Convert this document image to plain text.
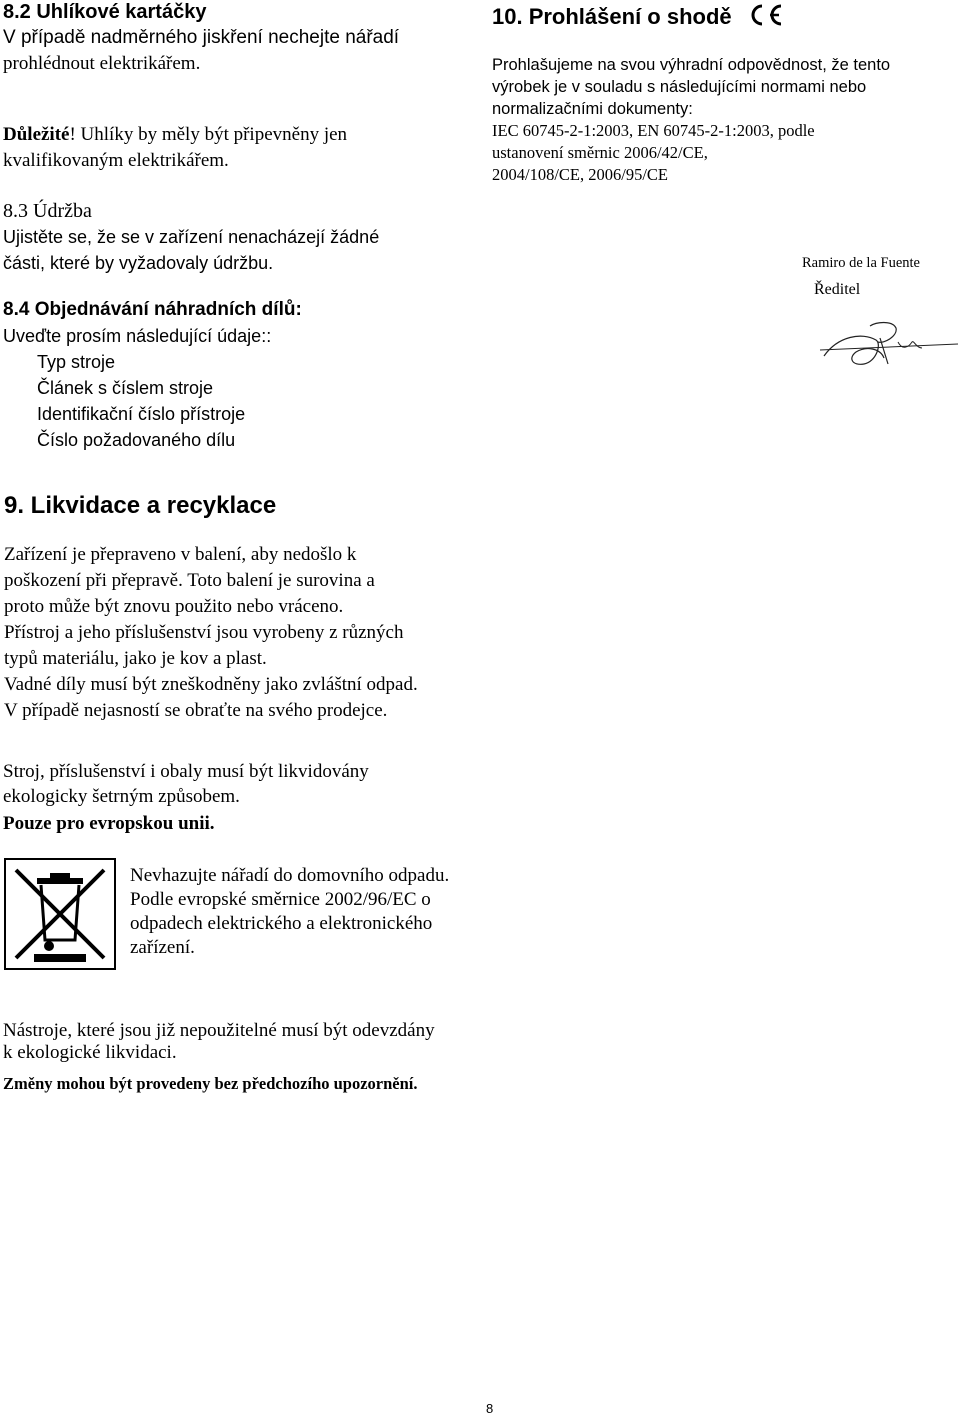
8.2 Uhlíkové kartáčky
V případě nadměrného jiskření nechejte nářadí
prohlédnout elektrikářem.
Důležité! Uhlíky by měly být připevněny jen
kvalifikovaným elektrikářem.
8.3 Údržba
Ujistěte se, že se v zařízení nenacházejí žádné
části, které by vyžadovaly údržbu.
8.4 Objednávání náhradních dílů:
Uveďte prosím následující údaje::
Typ stroje
Článek s číslem stroje
Identifikační číslo přístroje
Číslo požadovaného dílu
10. Prohlášení o shodě
Prohlašujeme na svou výhradní odpovědnost, že tento
výrobek je v souladu s následujícími normami nebo
normalizačními dokumenty:
IEC 60745-2-1:2003, EN 60745-2-1:2003, podle
ustanovení směrnic 2006/42/CE,
2004/108/CE, 2006/95/CE
Ramiro de la Fuente
Ředitel
9. Likvidace a recyklace
Zařízení je přepraveno v balení, aby nedošlo k
poškození při přepravě. Toto balení je surovina a
proto může být znovu použito nebo vráceno.
Přístroj a jeho příslušenství jsou vyrobeny z různých
typů materiálu, jako je kov a plast.
Vadné díly musí být zneškodněny jako zvláštní odpad.
V případě nejasností se obraťte na svého prodejce.
Stroj, příslušenství i obaly musí být likvidovány
ekologicky šetrným způsobem.
Pouze pro evropskou unii.
Nevhazujte nářadí do domovního odpadu.
Podle evropské směrnice 2002/96/EC o
odpadech elektrického a elektronického
zařízení.
Nástroje, které jsou již nepoužitelné musí být odevzdány
k ekologické likvidaci.
Změny mohou být provedeny bez předchozího upozornění.
8
